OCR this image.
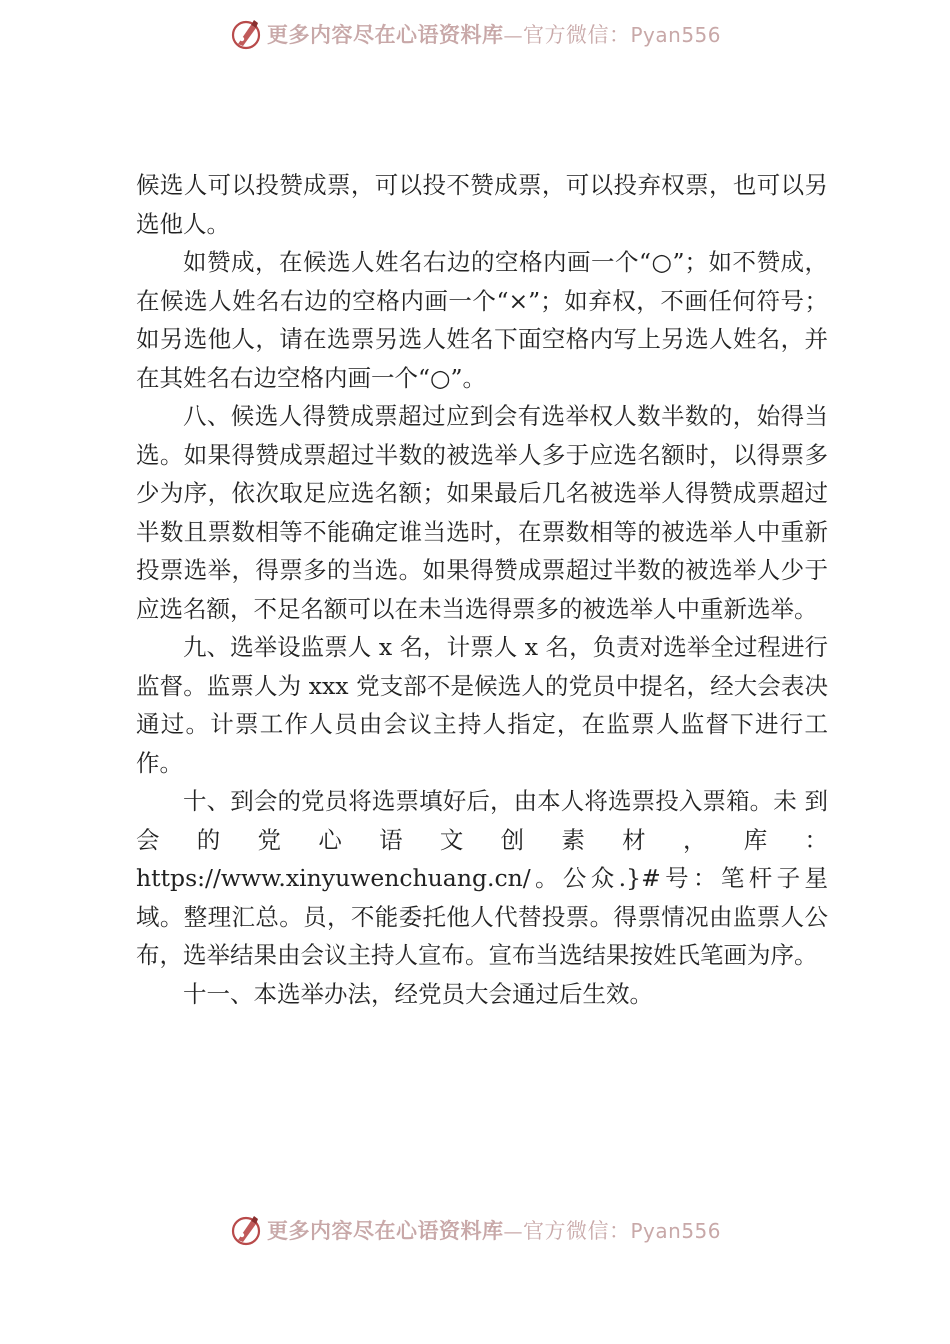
更多内容尽在心语资料库—官方微信：Pyan556

候选人可以投赞成票，可以投不赞成票，可以投弃权票，也可以另选他人。

如赞成，在候选人姓名右边的空格内画一个“○”；如不赞成，在候选人姓名右边的空格内画一个“×”；如弃权，不画任何符号；如另选他人，请在选票另选人姓名下面空格内写上另选人姓名，并在其姓名右边空格内画一个“○”。

八、候选人得赞成票超过应到会有选举权人数半数的，始得当选。如果得赞成票超过半数的被选举人多于应选名额时，以得票多少为序，依次取足应选名额；如果最后几名被选举人得赞成票超过半数且票数相等不能确定谁当选时，在票数相等的被选举人中重新投票选举，得票多的当选。如果得赞成票超过半数的被选举人少于应选名额，不足名额可以在未当选得票多的被选举人中重新选举。

九、选举设监票人 x 名，计票人 x 名，负责对选举全过程进行监督。监票人为 xxx 党支部不是候选人的党员中提名，经大会表决通过。计票工作人员由会议主持人指定，在监票人监督下进行工作。

十、到会的党员将选票填好后，由本人将选票投入票箱。未 到 会 的 党 心 语 文 创 素 材 ， 库 ： https://www.xinyuwenchuang.cn/。公众.}#号：笔杆子星域。整理汇总。员，不能委托他人代替投票。得票情况由监票人公布，选举结果由会议主持人宣布。宣布当选结果按姓氏笔画为序。

十一、本选举办法，经党员大会通过后生效。

更多内容尽在心语资料库—官方微信：Pyan556
